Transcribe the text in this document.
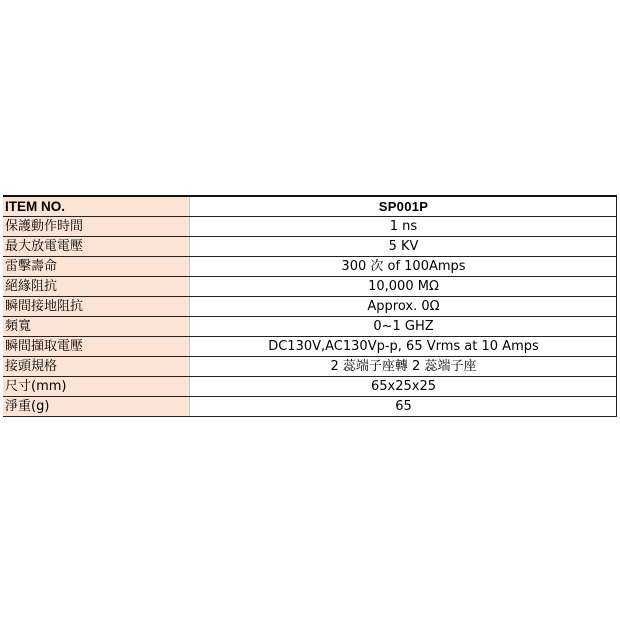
ITEM NO.	SP001P
保護動作時間	1 ns
最大放電電壓	5 KV
雷擊壽命	300 次 of 100Amps
絕緣阻抗	10,000 MΩ
瞬間接地阻抗	Approx. 0Ω
頻寬	0~1 GHZ
瞬間擷取電壓	DC130V,AC130Vp-p, 65 Vrms at 10 Amps
接頭規格	2 蕊端子座轉 2 蕊端子座
尺寸(mm)	65x25x25
淨重(g)	65
